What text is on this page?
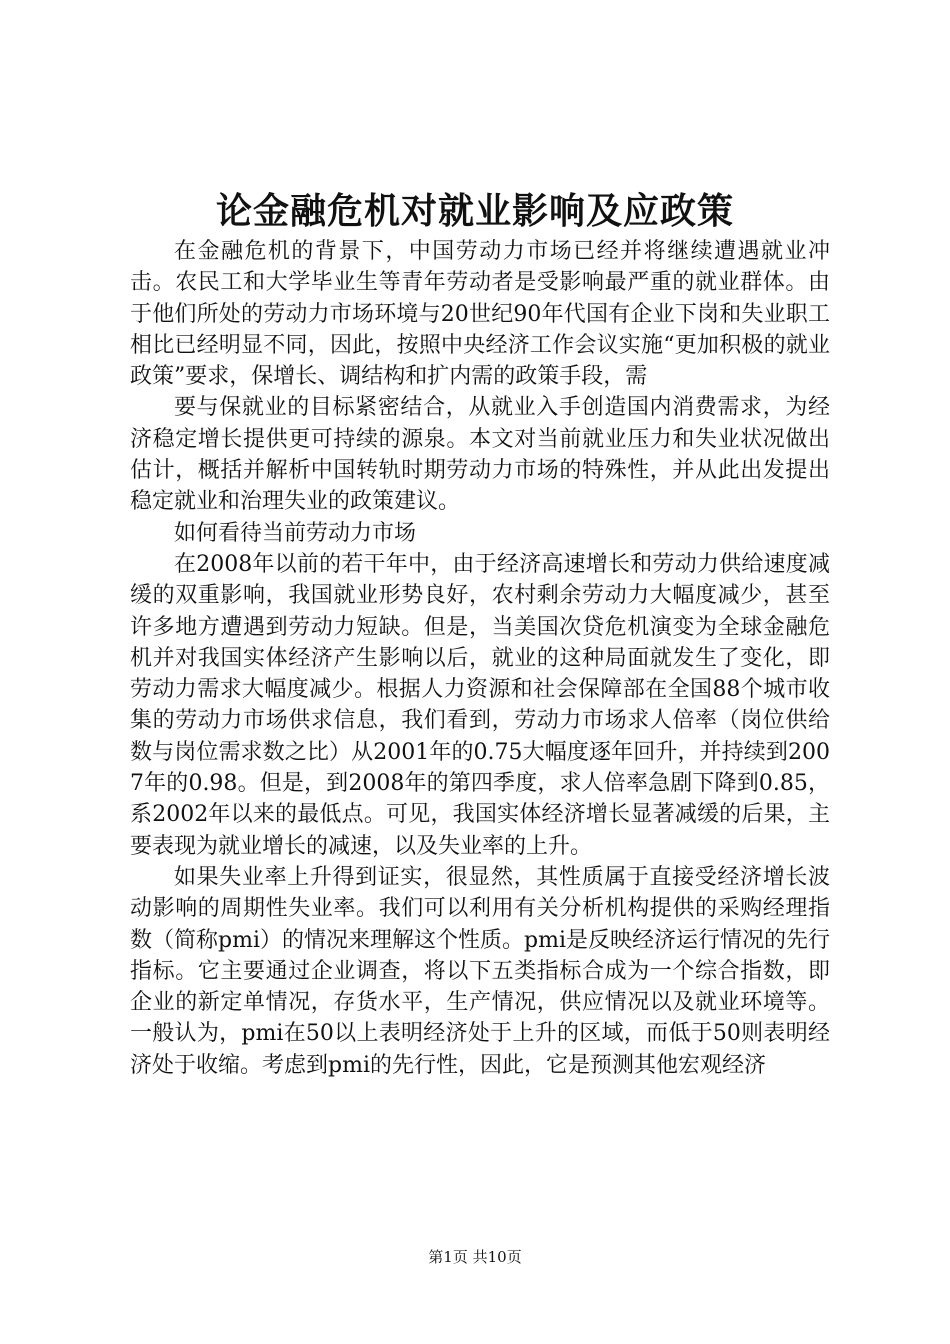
论金融危机对就业影响及应政策

在金融危机的背景下，中国劳动力市场已经并将继续遭遇就业冲击。农民工和大学毕业生等青年劳动者是受影响最严重的就业群体。由于他们所处的劳动力市场环境与20世纪90年代国有企业下岗和失业职工相比已经明显不同，因此，按照中央经济工作会议实施“更加积极的就业政策”要求，保增长、调结构和扩内需的政策手段，需

要与保就业的目标紧密结合，从就业入手创造国内消费需求，为经济稳定增长提供更可持续的源泉。本文对当前就业压力和失业状况做出估计，概括并解析中国转轨时期劳动力市场的特殊性，并从此出发提出稳定就业和治理失业的政策建议。

如何看待当前劳动力市场

在2008年以前的若干年中，由于经济高速增长和劳动力供给速度减缓的双重影响，我国就业形势良好，农村剩余劳动力大幅度减少，甚至许多地方遭遇到劳动力短缺。但是，当美国次贷危机演变为全球金融危机并对我国实体经济产生影响以后，就业的这种局面就发生了变化，即劳动力需求大幅度减少。根据人力资源和社会保障部在全国88个城市收集的劳动力市场供求信息，我们看到，劳动力市场求人倍率（岗位供给数与岗位需求数之比）从2001年的0.75大幅度逐年回升，并持续到2007年的0.98。但是，到2008年的第四季度，求人倍率急剧下降到0.85，系2002年以来的最低点。可见，我国实体经济增长显著减缓的后果，主要表现为就业增长的减速，以及失业率的上升。

如果失业率上升得到证实，很显然，其性质属于直接受经济增长波动影响的周期性失业率。我们可以利用有关分析机构提供的采购经理指数（简称pmi）的情况来理解这个性质。pmi是反映经济运行情况的先行指标。它主要通过企业调查，将以下五类指标合成为一个综合指数，即企业的新定单情况，存货水平，生产情况，供应情况以及就业环境等。一般认为，pmi在50以上表明经济处于上升的区域，而低于50则表明经济处于收缩。考虑到pmi的先行性，因此，它是预测其他宏观经济

第1页 共10页
